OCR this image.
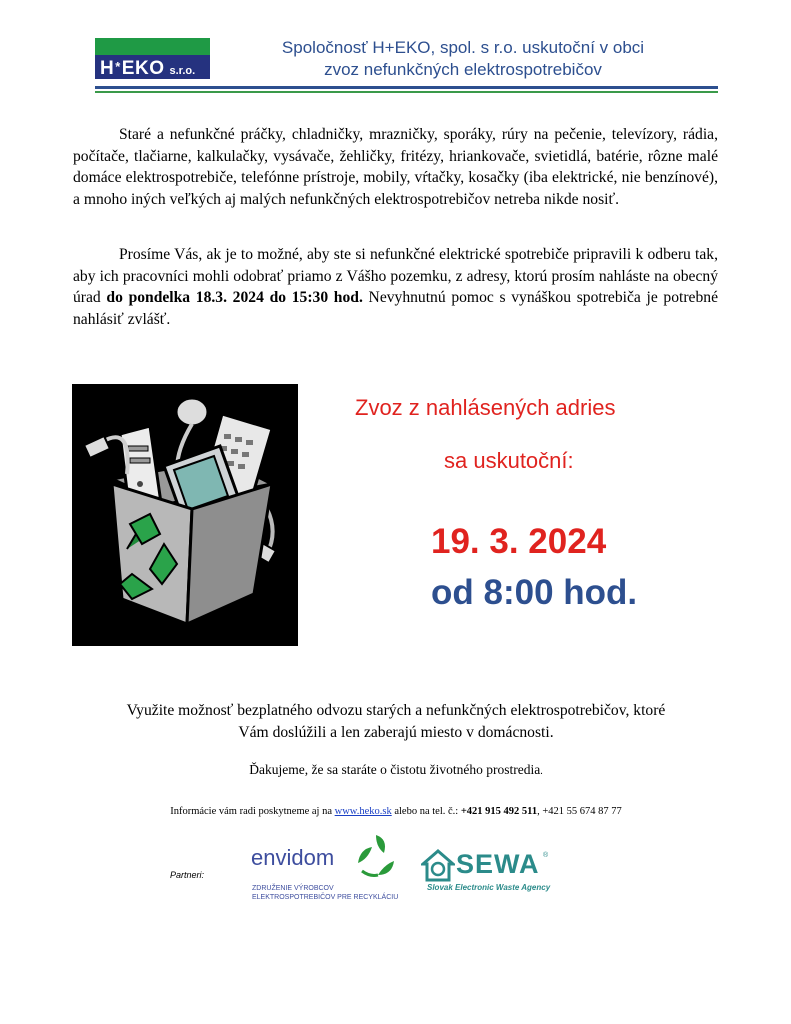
H*EKO s.r.o.
Spoločnosť H+EKO, spol. s r.o. uskutoční v obci
zvoz nefunkčných elektrospotrebičov

Staré a nefunkčné práčky, chladničky, mrazničky, sporáky, rúry na pečenie, televízory, rádia, počítače, tlačiarne, kalkulačky, vysávače, žehličky, fritézy, hriankovače, svietidlá, batérie, rôzne malé domáce elektrospotrebiče, telefónne prístroje, mobily, vŕtačky, kosačky (iba elektrické, nie benzínové), a mnoho iných veľkých aj malých nefunkčných elektrospotrebičov netreba nikde nosiť.

Prosíme Vás, ak je to možné, aby ste si nefunkčné elektrické spotrebiče pripravili k odberu tak, aby ich pracovníci mohli odobrať priamo z Vášho pozemku, z adresy, ktorú prosím nahláste na obecný úrad do pondelka 18.3. 2024 do 15:30 hod. Nevyhnutnú pomoc s vynáškou spotrebiča je potrebné nahlásiť zvlášť.

Zvoz z nahlásených adries
sa uskutoční:
19. 3. 2024
od 8:00 hod.
Využite možnosť bezplatného odvozu starých a nefunkčných elektrospotrebičov, ktoré
Vám doslúžili a len zaberajú miesto v domácnosti.
Ďakujeme, že sa staráte o čistotu životného prostredia.
Informácie vám radi poskytneme aj na www.heko.sk alebo na tel. č.: +421 915 492 511, +421 55 674 87 77
Partneri:
envidom
ZDRUŽENIE VÝROBCOV
ELEKTROSPOTREBIČOV PRE RECYKLÁCIU
SEWA ®
Slovak Electronic Waste Agency
